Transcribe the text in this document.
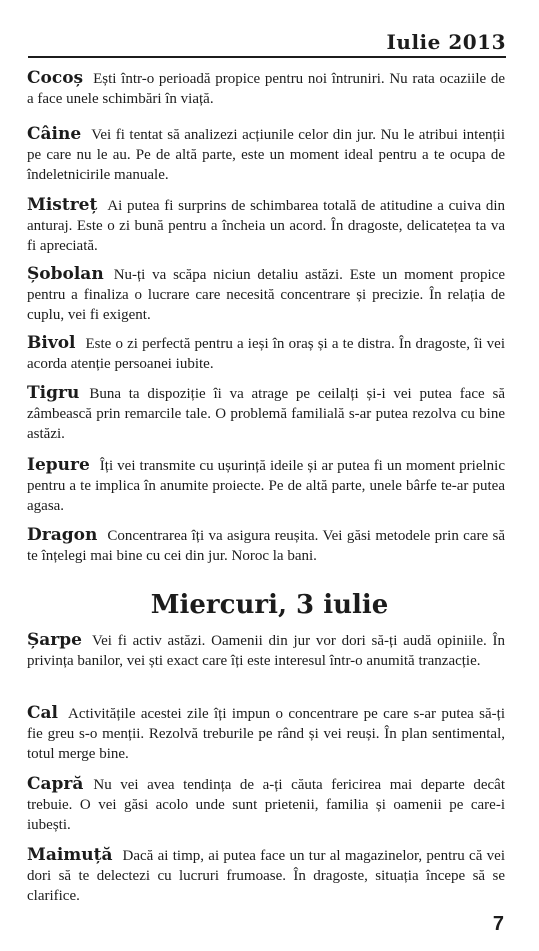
Iulie 2013
Cocoș Ești într-o perioadă propice pentru noi întruniri. Nu rata ocaziile de a face unele schimbări în viață.
Câine Vei fi tentat să analizezi acțiunile celor din jur. Nu le atribui intenții pe care nu le au. Pe de altă parte, este un moment ideal pentru a te ocupa de îndeletnicirile manuale.
Mistreț Ai putea fi surprins de schimbarea totală de atitudine a cuiva din anturaj. Este o zi bună pentru a încheia un acord. În dragoste, delicatețea ta va fi apreciată.
Șobolan Nu-ți va scăpa niciun detaliu astăzi. Este un moment propice pentru a finaliza o lucrare care necesită concentrare și precizie. În relația de cuplu, vei fi exigent.
Bivol Este o zi perfectă pentru a ieși în oraș și a te distra. În dragoste, îi vei acorda atenție persoanei iubite.
Tigru Buna ta dispoziție îi va atrage pe ceilalți și-i vei putea face să zâmbească prin remarcile tale. O problemă familială s-ar putea rezolva cu bine astăzi.
Iepure Îți vei transmite cu ușurință ideile și ar putea fi un moment prielnic pentru a te implica în anumite proiecte. Pe de altă parte, unele bârfe te-ar putea agasa.
Dragon Concentrarea îți va asigura reușita. Vei găsi metodele prin care să te înțelegi mai bine cu cei din jur. Noroc la bani.
Miercuri, 3 iulie
Șarpe Vei fi activ astăzi. Oamenii din jur vor dori să-ți audă opiniile. În privința banilor, vei ști exact care îți este interesul într-o anumită tranzacție.
Cal Activitățile acestei zile îți impun o concentrare pe care s-ar putea să-ți fie greu s-o menții. Rezolvă treburile pe rând și vei reuși. În plan sentimental, totul merge bine.
Capră Nu vei avea tendința de a-ți căuta fericirea mai departe decât trebuie. O vei găsi acolo unde sunt prietenii, familia și oamenii pe care-i iubești.
Maimuță Dacă ai timp, ai putea face un tur al magazinelor, pentru că vei dori să te delectezi cu lucruri frumoase. În dragoste, situația începe să se clarifice.
7
